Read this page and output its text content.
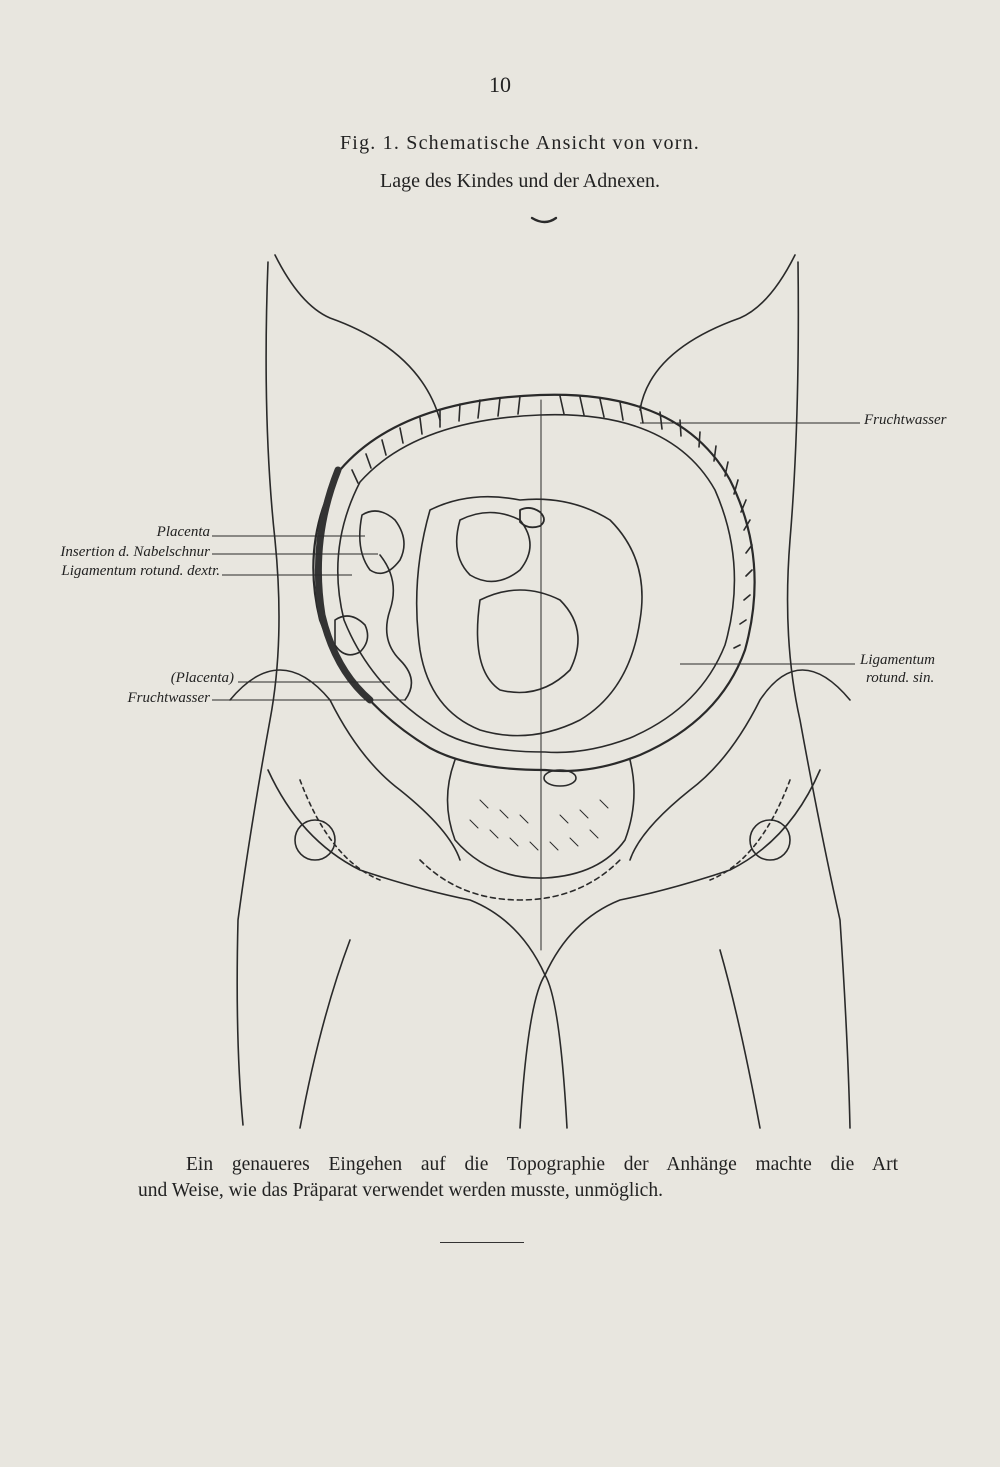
10
Fig. 1. Schematische Ansicht von vorn.
Lage des Kindes und der Adnexen.
Fruchtwasser
Placenta
Insertion d. Nabelschnur
Ligamentum rotund. dextr.
Ligamentum
rotund. sin.
(Placenta)
Fruchtwasser
Ein genaueres Eingehen auf die Topographie der Anhänge machte die Art
und Weise, wie das Präparat verwendet werden musste, unmöglich.
